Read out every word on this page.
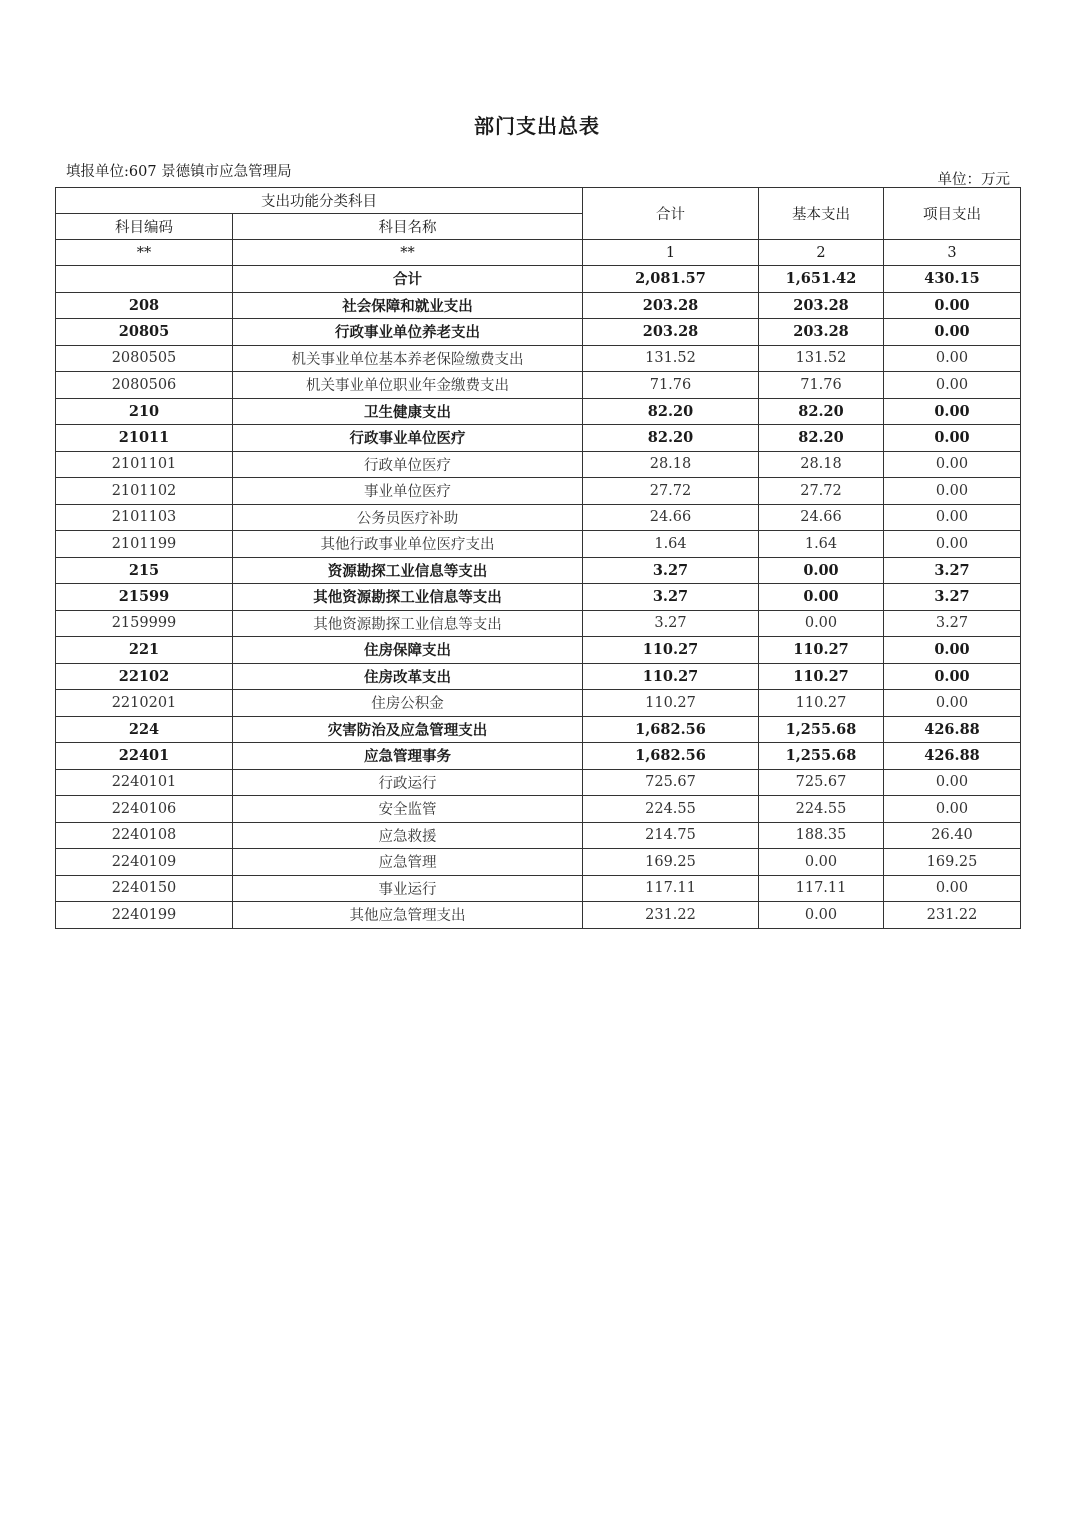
部门支出总表
填报单位:607 景德镇市应急管理局	单位：万元
支出功能分类科目		合计	基本支出	项目支出
科目编码	科目名称			
**	**	1	2	3
	合计	2,081.57	1,651.42	430.15
208	社会保障和就业支出	203.28	203.28	0.00
20805	行政事业单位养老支出	203.28	203.28	0.00
2080505	机关事业单位基本养老保险缴费支出	131.52	131.52	0.00
2080506	机关事业单位职业年金缴费支出	71.76	71.76	0.00
210	卫生健康支出	82.20	82.20	0.00
21011	行政事业单位医疗	82.20	82.20	0.00
2101101	行政单位医疗	28.18	28.18	0.00
2101102	事业单位医疗	27.72	27.72	0.00
2101103	公务员医疗补助	24.66	24.66	0.00
2101199	其他行政事业单位医疗支出	1.64	1.64	0.00
215	资源勘探工业信息等支出	3.27	0.00	3.27
21599	其他资源勘探工业信息等支出	3.27	0.00	3.27
2159999	其他资源勘探工业信息等支出	3.27	0.00	3.27
221	住房保障支出	110.27	110.27	0.00
22102	住房改革支出	110.27	110.27	0.00
2210201	住房公积金	110.27	110.27	0.00
224	灾害防治及应急管理支出	1,682.56	1,255.68	426.88
22401	应急管理事务	1,682.56	1,255.68	426.88
2240101	行政运行	725.67	725.67	0.00
2240106	安全监管	224.55	224.55	0.00
2240108	应急救援	214.75	188.35	26.40
2240109	应急管理	169.25	0.00	169.25
2240150	事业运行	117.11	117.11	0.00
2240199	其他应急管理支出	231.22	0.00	231.22
